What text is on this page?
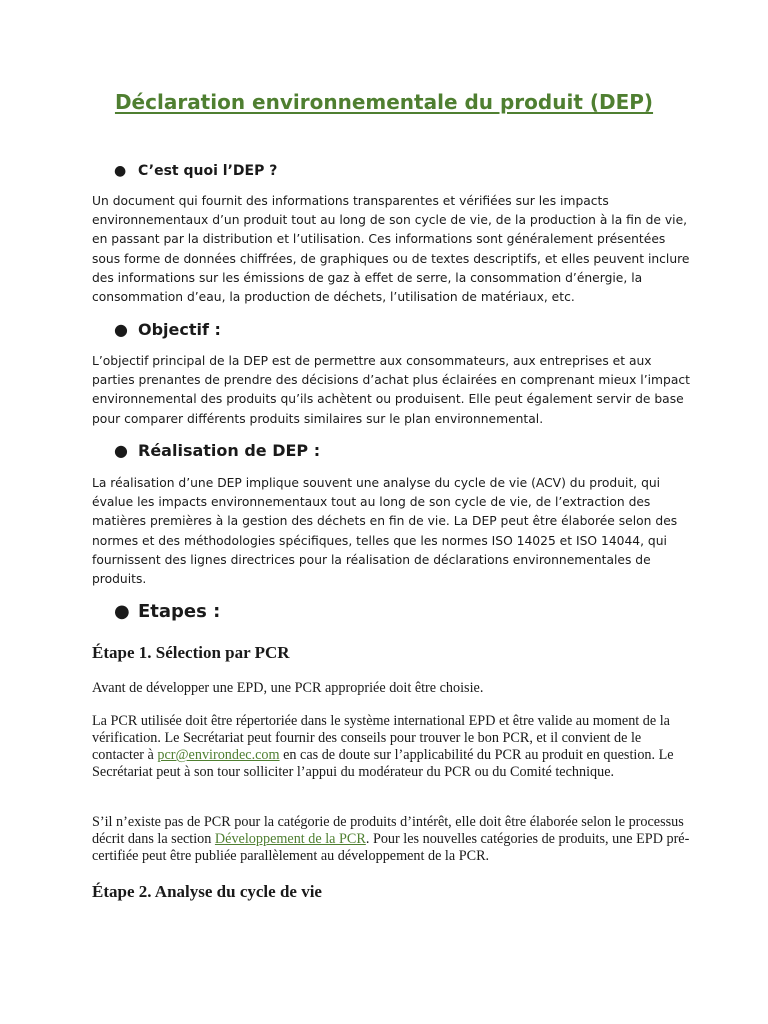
Déclaration environnementale du produit (DEP)
● C’est quoi l’DEP ?

Un document qui fournit des informations transparentes et vérifiées sur les impacts environnementaux d’un produit tout au long de son cycle de vie, de la production à la fin de vie, en passant par la distribution et l’utilisation. Ces informations sont généralement présentées sous forme de données chiffrées, de graphiques ou de textes descriptifs, et elles peuvent inclure des informations sur les émissions de gaz à effet de serre, la consommation d’énergie, la consommation d’eau, la production de déchets, l’utilisation de matériaux, etc.

● Objectif :

L’objectif principal de la DEP est de permettre aux consommateurs, aux entreprises et aux parties prenantes de prendre des décisions d’achat plus éclairées en comprenant mieux l’impact environnemental des produits qu’ils achètent ou produisent. Elle peut également servir de base pour comparer différents produits similaires sur le plan environnemental.

● Réalisation de DEP :

La réalisation d’une DEP implique souvent une analyse du cycle de vie (ACV) du produit, qui évalue les impacts environnementaux tout au long de son cycle de vie, de l’extraction des matières premières à la gestion des déchets en fin de vie. La DEP peut être élaborée selon des normes et des méthodologies spécifiques, telles que les normes ISO 14025 et ISO 14044, qui fournissent des lignes directrices pour la réalisation de déclarations environnementales de produits.

● Etapes :
Étape 1. Sélection par PCR

Avant de développer une EPD, une PCR appropriée doit être choisie.

La PCR utilisée doit être répertoriée dans le système international EPD et être valide au moment de la vérification. Le Secrétariat peut fournir des conseils pour trouver le bon PCR, et il convient de le contacter à pcr@environdec.com en cas de doute sur l’applicabilité du PCR au produit en question. Le Secrétariat peut à son tour solliciter l’appui du modérateur du PCR ou du Comité technique.

S’il n’existe pas de PCR pour la catégorie de produits d’intérêt, elle doit être élaborée selon le processus décrit dans la section Développement de la PCR. Pour les nouvelles catégories de produits, une EPD pré-certifiée peut être publiée parallèlement au développement de la PCR.

Étape 2. Analyse du cycle de vie
